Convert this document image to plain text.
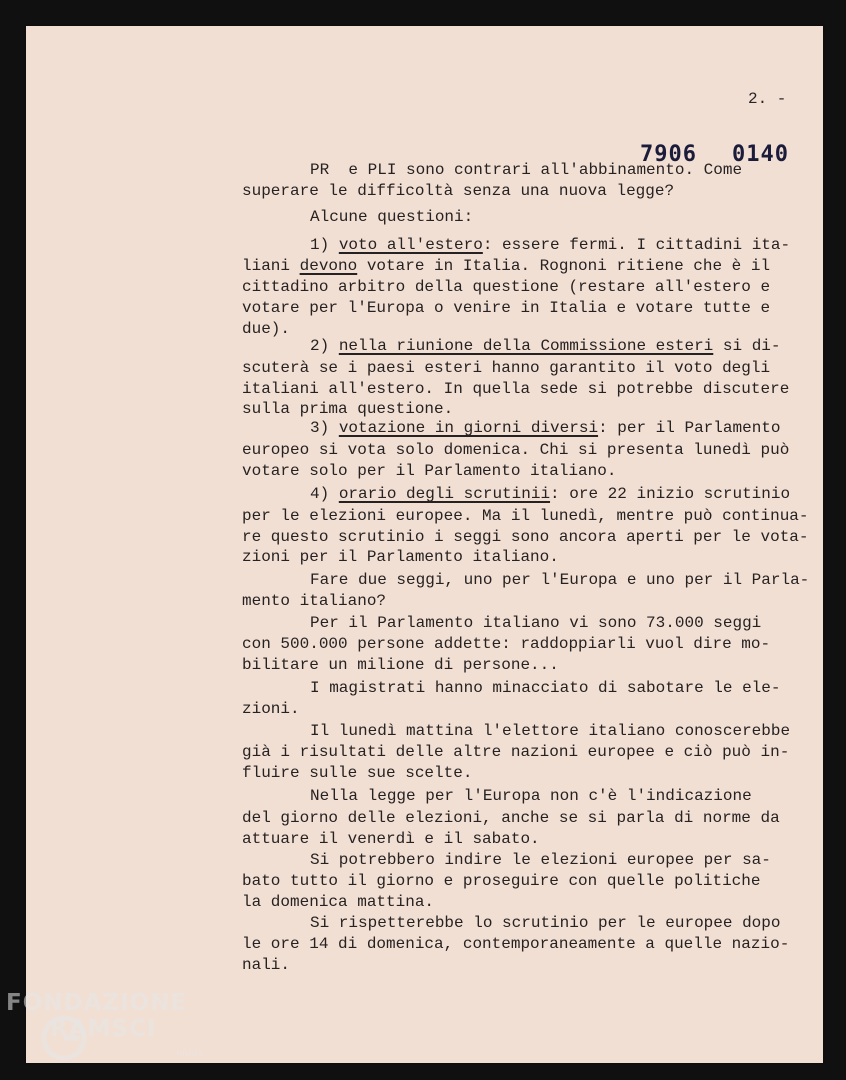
2. -
7906 0140
PR  e PLI sono contrari all'abbinamento. Come
superare le difficoltà senza una nuova legge?
Alcune questioni:
1) voto all'estero: essere fermi. I cittadini ita-
liani devono votare in Italia. Rognoni ritiene che è il
cittadino arbitro della questione (restare all'estero e
votare per l'Europa o venire in Italia e votare tutte e
due).
2) nella riunione della Commissione esteri si di-
scuterà se i paesi esteri hanno garantito il voto degli
italiani all'estero. In quella sede si potrebbe discutere
sulla prima questione.
3) votazione in giorni diversi: per il Parlamento
europeo si vota solo domenica. Chi si presenta lunedì può
votare solo per il Parlamento italiano.
4) orario degli scrutinii: ore 22 inizio scrutinio
per le elezioni europee. Ma il lunedì, mentre può continua-
re questo scrutinio i seggi sono ancora aperti per le vota-
zioni per il Parlamento italiano.
Fare due seggi, uno per l'Europa e uno per il Parla-
mento italiano?
Per il Parlamento italiano vi sono 73.000 seggi
con 500.000 persone addette: raddoppiarli vuol dire mo-
bilitare un milione di persone...
I magistrati hanno minacciato di sabotare le ele-
zioni.
Il lunedì mattina l'elettore italiano conoscerebbe
già i risultati delle altre nazioni europee e ciò può in-
fluire sulle sue scelte.
Nella legge per l'Europa non c'è l'indicazione
del giorno delle elezioni, anche se si parla di norme da
attuare il venerdì e il sabato.
Si potrebbero indire le elezioni europee per sa-
bato tutto il giorno e proseguire con quelle politiche
la domenica mattina.
Si rispetterebbe lo scrutinio per le europee dopo
le ore 14 di domenica, contemporaneamente a quelle nazio-
nali.
FONDAZIONE
RAMSCI
onlus
